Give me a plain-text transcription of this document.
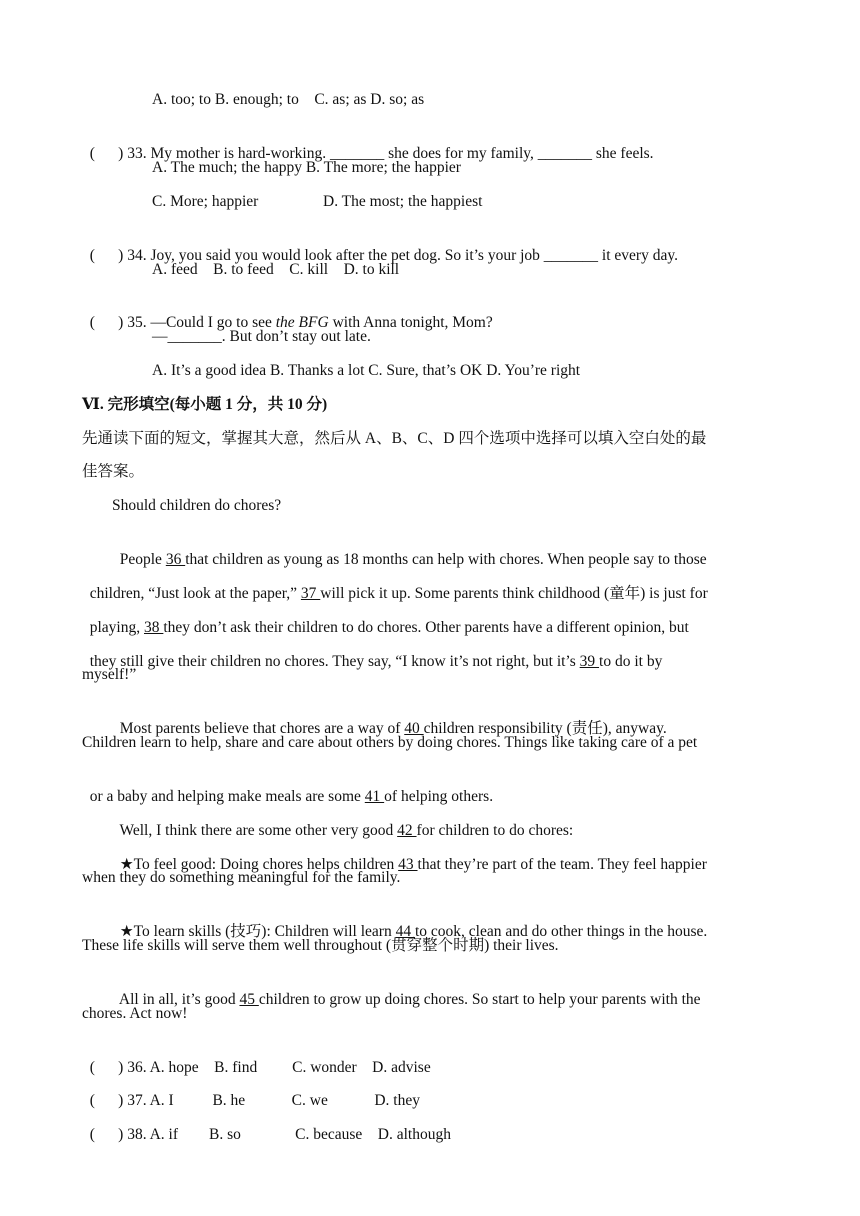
A. too; to B. enough; to    C. as; as D. so; as

(      ) 33. My mother is hard-working. _______ she does for my family, _______ she feels.

A. The much; the happy B. The more; the happier
C. More; happier	D. The most; the happiest

(      ) 34. Joy, you said you would look after the pet dog. So it’s your job _______ it every day.

A. feed    B. to feed    C. kill    D. to kill

(      ) 35. —Could I go to see the BFG with Anna tonight, Mom?

—_______. But don’t stay out late.
A. It’s a good idea B. Thanks a lot C. Sure, that’s OK D. You’re right
Ⅵ. 完形填空(每小题 1 分，共 10 分)
先通读下面的短文，掌握其大意，然后从 A、B、C、D 四个选项中选择可以填入空白处的最
佳答案。
Should children do chores?

People 36 that children as young as 18 months can help with chores. When people say to those

children, “Just look at the paper,” 37 will pick it up. Some parents think childhood (童年) is just for

playing, 38 they don’t ask their children to do chores. Other parents have a different opinion, but

they still give their children no chores. They say, “I know it’s not right, but it’s 39 to do it by

myself!”

Most parents believe that chores are a way of 40 children responsibility (责任), anyway.

Children learn to help, share and care about others by doing chores. Things like taking care of a pet

or a baby and helping make meals are some 41 of helping others.

Well, I think there are some other very good 42 for children to do chores:

★To feel good: Doing chores helps children 43 that they’re part of the team. They feel happier

when they do something meaningful for the family.

★To learn skills (技巧): Children will learn 44 to cook, clean and do other things in the house.

These life skills will serve them well throughout (贯穿整个时期) their lives.

All in all, it’s good 45 children to grow up doing chores. So start to help your parents with the

chores. Act now!

(      ) 36. A. hope    B. find         C. wonder    D. advise

(      ) 37. A. I          B. he            C. we            D. they

(      ) 38. A. if        B. so              C. because    D. although
